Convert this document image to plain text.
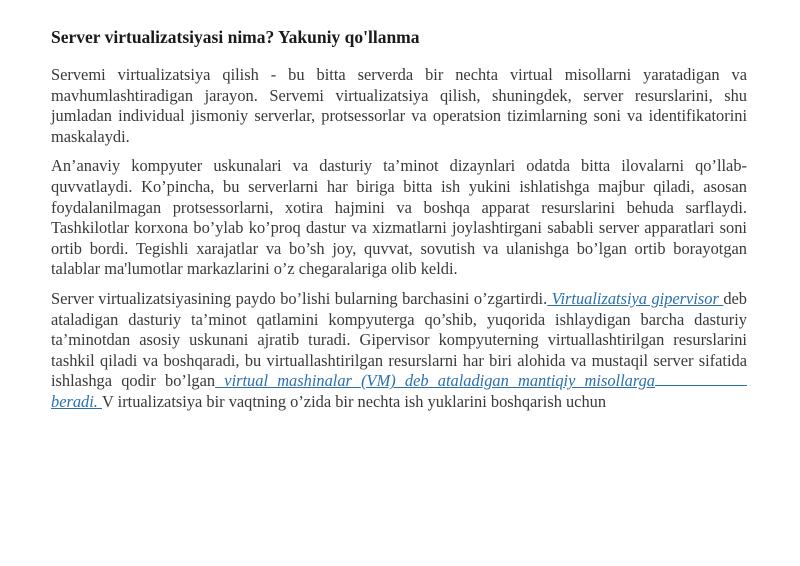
Server virtualizatsiyasi nima? Yakuniy qo'llanma

Servеmi virtualizatsiya qilish - bu bitta serverda bir nechta virtual misollarni yaratadigan va mavhumlashtiradigan jarayon. Servemi virtualizatsiya qilish, shuningdek, server resurslarini, shu jumladan individual jismoniy serverlar, protsessorlar va operatsion tizimlarning soni va identifikatorini maskalaydi.

An’anaviy kompyuter uskunalari va dasturiy ta’minot dizaynlari odatda bitta ilovalarni qo’llab-quvvatlaydi. Ko’pincha, bu serverlarni har biriga bitta ish yukini ishlatishga majbur qiladi, asosan foydalanilmagan protsessorlarni, xotira hajmini va boshqa apparat resurslarini behuda sarflaydi. Tashkilotlar korxona bo’ylab ko’proq dastur va xizmatlarni joylashtirgani sababli server apparatlari soni ortib bordi. Tegishli xarajatlar va bo’sh joy, quvvat, sovutish va ulanishga bo’lgan ortib borayotgan talablar ma'lumotlar markazlarini o’z chegaralariga olib keldi.

Server virtualizatsiyasining paydo bo’lishi bularning barchasini o’zgartirdi. Virtualizatsiya gipervisor deb ataladigan dasturiy ta’minot qatlamini kompyuterga qo’shib, yuqorida ishlaydigan barcha dasturiy ta’minotdan asosiy uskunani ajratib turadi. Gipervisor kompyuterning virtuallashtirilgan resurslarini tashkil qiladi va boshqaradi, bu virtuallashtirilgan resurslarni har biri alohida va mustaqil server sifatida ishlashga qodir bo’lgan virtual mashinalar (VM) deb ataladigan mantiqiy misollargaberadi. V irtualizatsiya bir vaqtning o’zida bir nechta ish yuklarini boshqarish uchun
